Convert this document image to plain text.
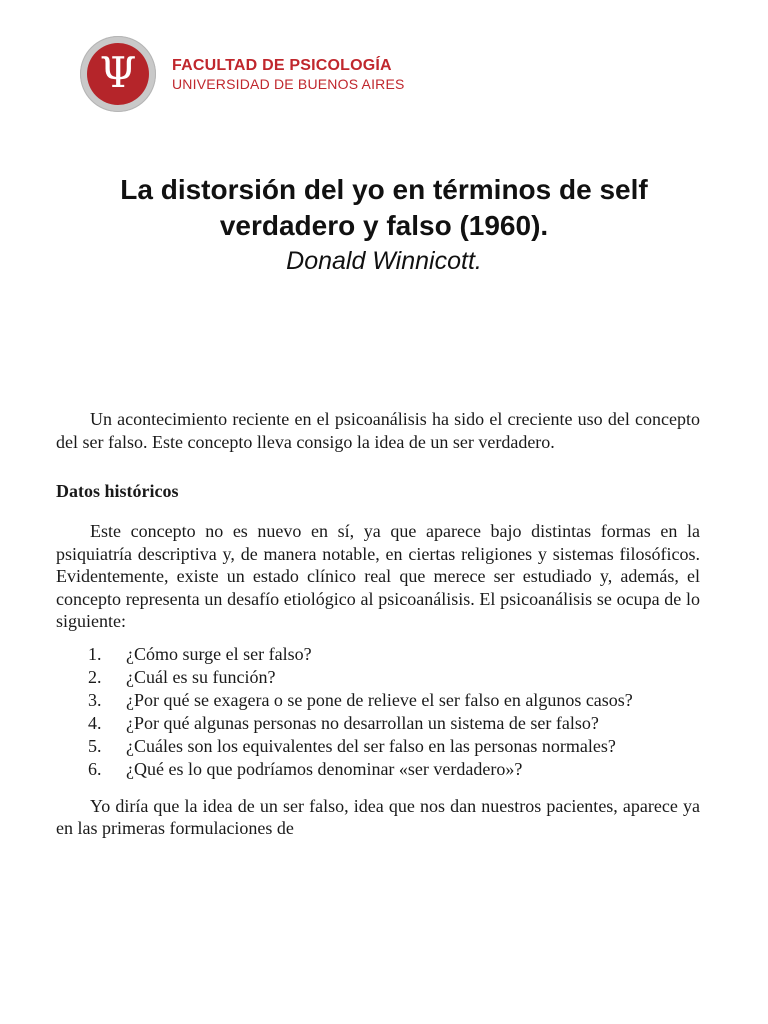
Ψ FACULTAD DE PSICOLOGÍA
UNIVERSIDAD DE BUENOS AIRES
La distorsión del yo en términos de self
verdadero y falso (1960).
Donald Winnicott.

Un acontecimiento reciente en el psicoanálisis ha sido el creciente uso del concepto del ser falso. Este concepto lleva consigo la idea de un ser verdadero.

Datos históricos

Este concepto no es nuevo en sí, ya que aparece bajo distintas formas en la psiquiatría descriptiva y, de manera notable, en ciertas religiones y sistemas filosóficos. Evidentemente, existe un estado clínico real que merece ser estudiado y, además, el concepto representa un desafío etiológico al psicoanálisis. El psicoanálisis se ocupa de lo siguiente:

1.	¿Cómo surge el ser falso?
2.	¿Cuál es su función?
3.	¿Por qué se exagera o se pone de relieve el ser falso en algunos casos?
4.	¿Por qué algunas personas no desarrollan un sistema de ser falso?
5.	¿Cuáles son los equivalentes del ser falso en las personas normales?
6.	¿Qué es lo que podríamos denominar «ser verdadero»?

Yo diría que la idea de un ser falso, idea que nos dan nuestros pacientes, aparece ya en las primeras formulaciones de
